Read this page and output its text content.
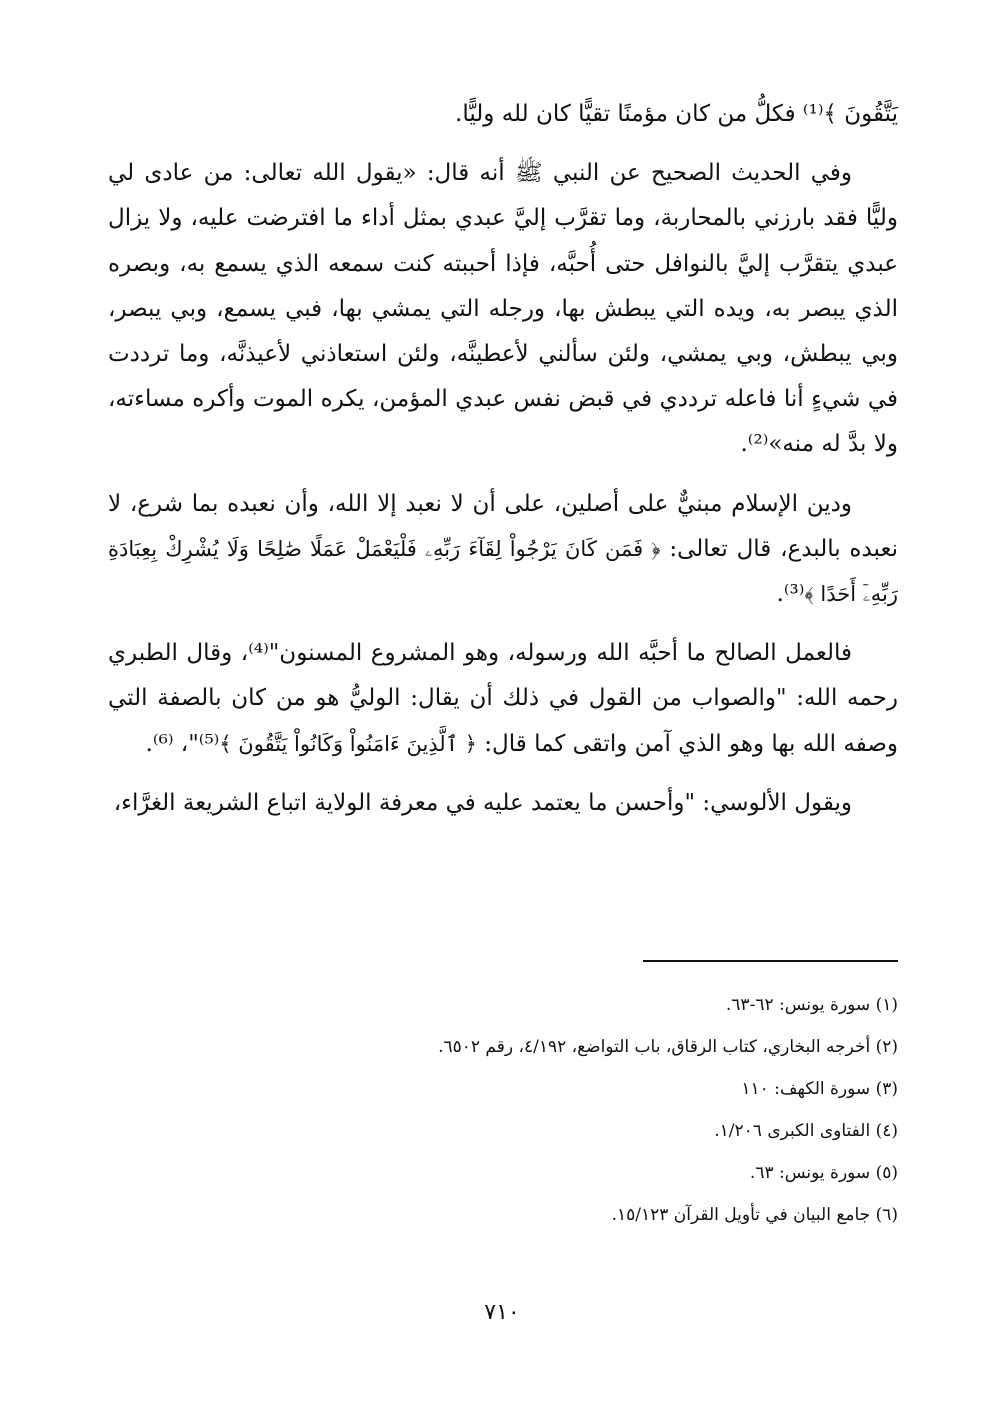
يَتَّقُونَ ﴾⁽¹⁾ فكلُّ من كان مؤمنًا تقيًّا كان لله وليًّا.

وفي الحديث الصحيح عن النبي ﷺ أنه قال: «يقول الله تعالى: من عادى لي وليًّا فقد بارزني بالمحاربة، وما تقرَّب إليَّ عبدي بمثل أداء ما افترضت عليه، ولا يزال عبدي يتقرَّب إليَّ بالنوافل حتى أُحبَّه، فإذا أحببته كنت سمعه الذي يسمع به، وبصره الذي يبصر به، ويده التي يبطش بها، ورجله التي يمشي بها، فبي يسمع، وبي يبصر، وبي يبطش، وبي يمشي، ولئن سألني لأعطينَّه، ولئن استعاذني لأعيذنَّه، وما ترددت في شيءٍ أنا فاعله ترددي في قبض نفس عبدي المؤمن، يكره الموت وأكره مساءته، ولا بدَّ له منه»⁽²⁾.

ودين الإسلام مبنيٌّ على أصلين، على أن لا نعبد إلا الله، وأن نعبده بما شرع، لا نعبده بالبدع، قال تعالى: ﴿ فَمَن كَانَ يَرْجُواْ لِقَآءَ رَبِّهِۦ فَلْيَعْمَلْ عَمَلًا صَٰلِحًا وَلَا يُشْرِكْ بِعِبَادَةِ رَبِّهِۦٓ أَحَدًا ﴾⁽³⁾.

فالعمل الصالح ما أحبَّه الله ورسوله، وهو المشروع المسنون"⁽⁴⁾، وقال الطبري رحمه الله: "والصواب من القول في ذلك أن يقال: الوليُّ هو من كان بالصفة التي وصفه الله بها وهو الذي آمن واتقى كما قال: ﴿ ٱلَّذِينَ ءَامَنُواْ وَكَانُواْ يَتَّقُونَ ﴾⁽⁵⁾"، ⁽⁶⁾.

ويقول الألوسي: "وأحسن ما يعتمد عليه في معرفة الولاية اتباع الشريعة الغرَّاء،

(١) سورة يونس: ٦٢-٦٣.
(٢) أخرجه البخاري، كتاب الرقاق، باب التواضع، ٤/١٩٢، رقم ٦٥٠٢.
(٣) سورة الكهف: ١١٠
(٤) الفتاوى الكبرى ١/٢٠٦.
(٥) سورة يونس: ٦٣.
(٦) جامع البيان في تأويل القرآن ١٥/١٢٣.
٧١٠
